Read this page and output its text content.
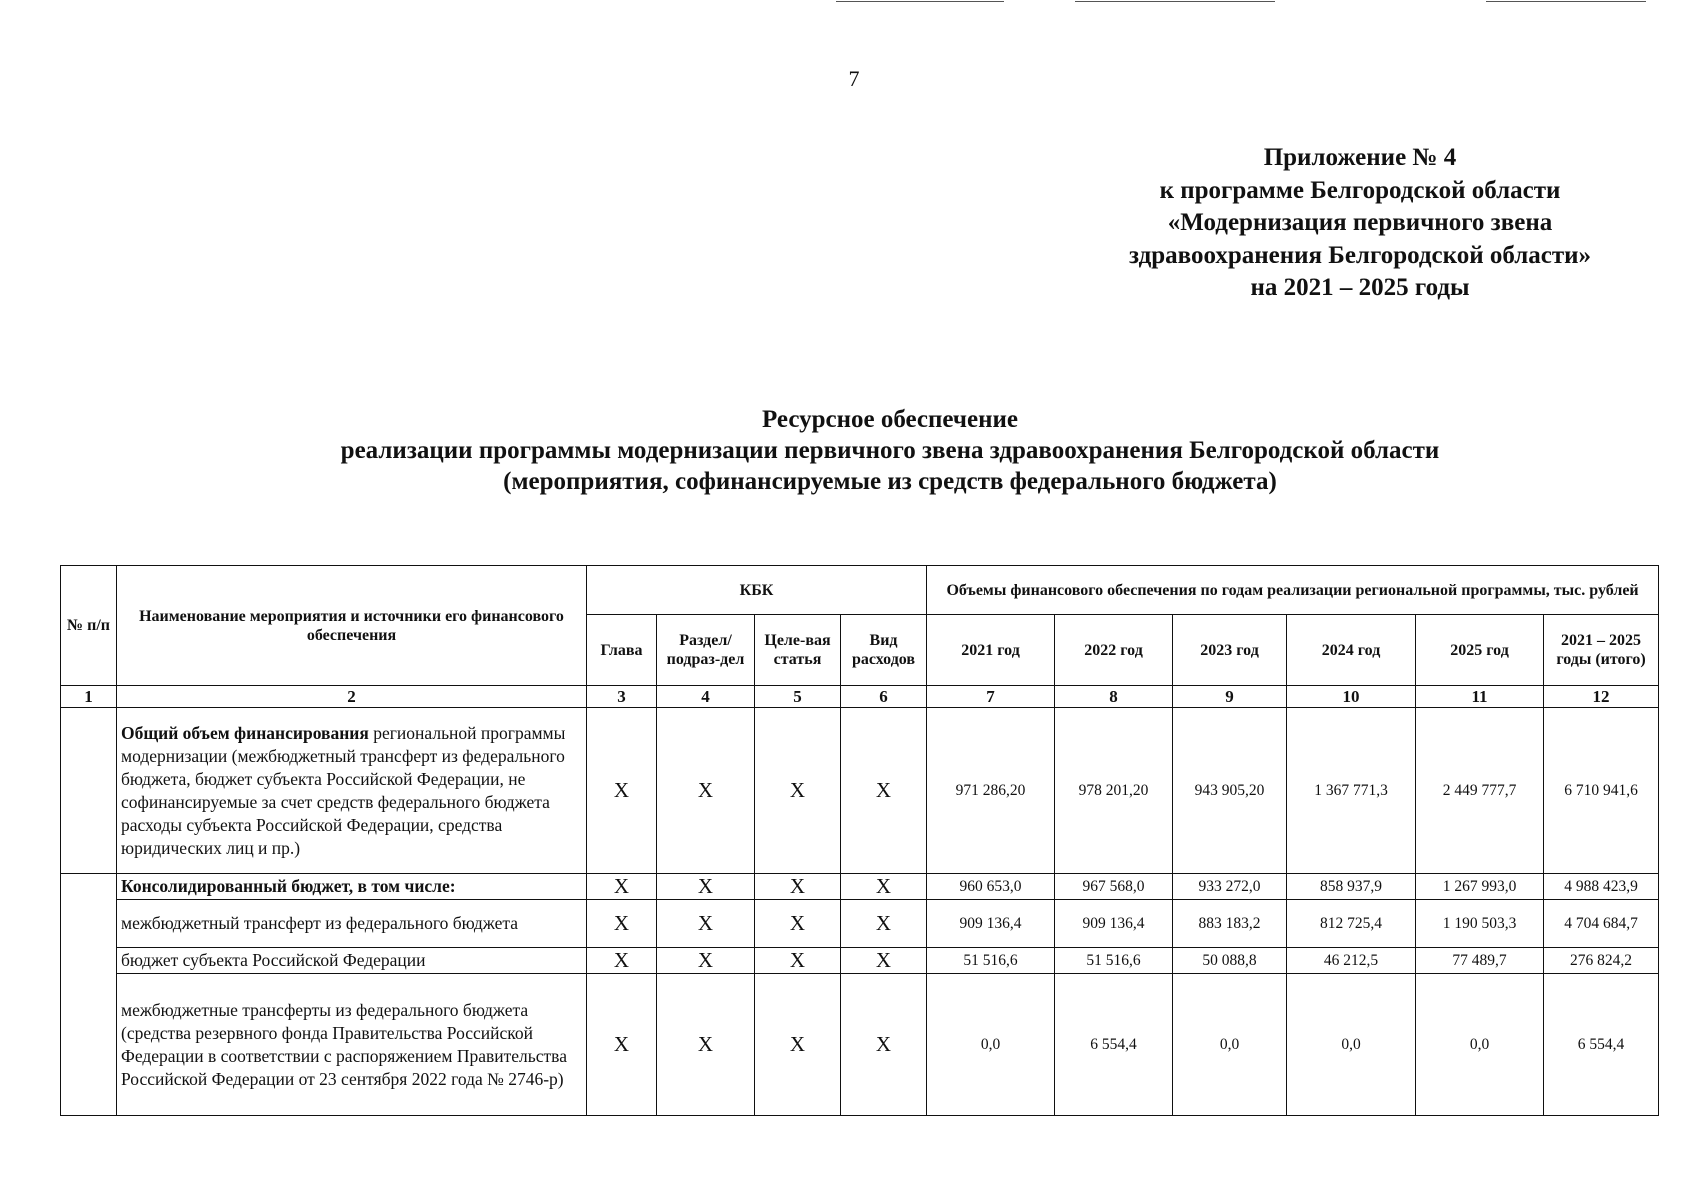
7
Приложение № 4
к программе Белгородской области
«Модернизация первичного звена
здравоохранения Белгородской области»
на 2021 – 2025 годы
Ресурсное обеспечение
реализации программы модернизации первичного звена здравоохранения Белгородской области
(мероприятия, софинансируемые из средств федерального бюджета)
№ п/п	Наименование мероприятия и источники его финансового обеспечения	КБК				Объемы финансового обеспечения по годам реализации региональной программы, тыс. рублей					
		Глава	Раздел/ подраз-дел	Целе-вая статья	Вид расходов	2021 год	2022 год	2023 год	2024 год	2025 год	2021 – 2025 годы (итого)
1	2	3	4	5	6	7	8	9	10	11	12
	Общий объем финансирования региональной программы модернизации (межбюджетный трансферт из федерального бюджета, бюджет субъекта Российской Федерации, не софинансируемые за счет средств федерального бюджета расходы субъекта Российской Федерации, средства юридических лиц и пр.)	X	X	X	X	971 286,20	978 201,20	943 905,20	1 367 771,3	2 449 777,7	6 710 941,6
	Консолидированный бюджет, в том числе:	X	X	X	X	960 653,0	967 568,0	933 272,0	858 937,9	1 267 993,0	4 988 423,9
	межбюджетный трансферт из федерального бюджета	X	X	X	X	909 136,4	909 136,4	883 183,2	812 725,4	1 190 503,3	4 704 684,7
	бюджет субъекта Российской Федерации	X	X	X	X	51 516,6	51 516,6	50 088,8	46 212,5	77 489,7	276 824,2
	межбюджетные трансферты из федерального бюджета (средства резервного фонда Правительства Российской Федерации в соответствии с распоряжением Правительства Российской Федерации от 23 сентября 2022 года № 2746-р)	X	X	X	X	0,0	6 554,4	0,0	0,0	0,0	6 554,4
